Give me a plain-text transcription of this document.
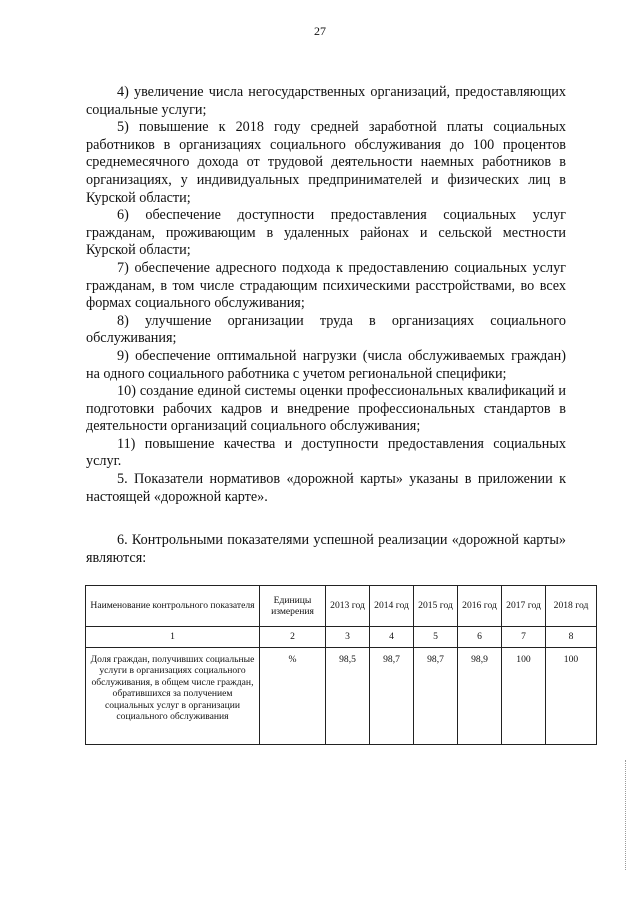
27

4) увеличение числа негосударственных организаций, предоставляющих социальные услуги;

5) повышение к 2018 году средней заработной платы социальных работников в организациях социального обслуживания до 100 процентов среднемесячного дохода от трудовой деятельности наемных работников в организациях, у индивидуальных предпринимателей и физических лиц в Курской области;

6) обеспечение доступности предоставления социальных услуг гражданам, проживающим в удаленных районах и сельской местности Курской области;

7) обеспечение адресного подхода к предоставлению социальных услуг гражданам, в том числе страдающим психическими расстройствами, во всех формах социального обслуживания;

8) улучшение организации труда в организациях социального обслуживания;

9) обеспечение оптимальной нагрузки (числа обслуживаемых граждан) на одного социального работника с учетом региональной специфики;

10) создание единой системы оценки профессиональных квалификаций и подготовки рабочих кадров и внедрение профессиональных стандартов в деятельности организаций социального обслуживания;

11) повышение качества и доступности предоставления социальных услуг.

5. Показатели нормативов «дорожной карты» указаны в приложении к настоящей «дорожной карте».

6. Контрольными показателями успешной реализации «дорожной карты» являются:

Наименование контрольного показателя	Единицы измерения	2013 год	2014 год	2015 год	2016 год	2017 год	2018 год
1	2	3	4	5	6	7	8
Доля граждан, получивших социальные услуги в организациях социального обслуживания, в общем числе граждан, обратившихся за получением социальных услуг в организации социального обслуживания	%	98,5	98,7	98,7	98,9	100	100
